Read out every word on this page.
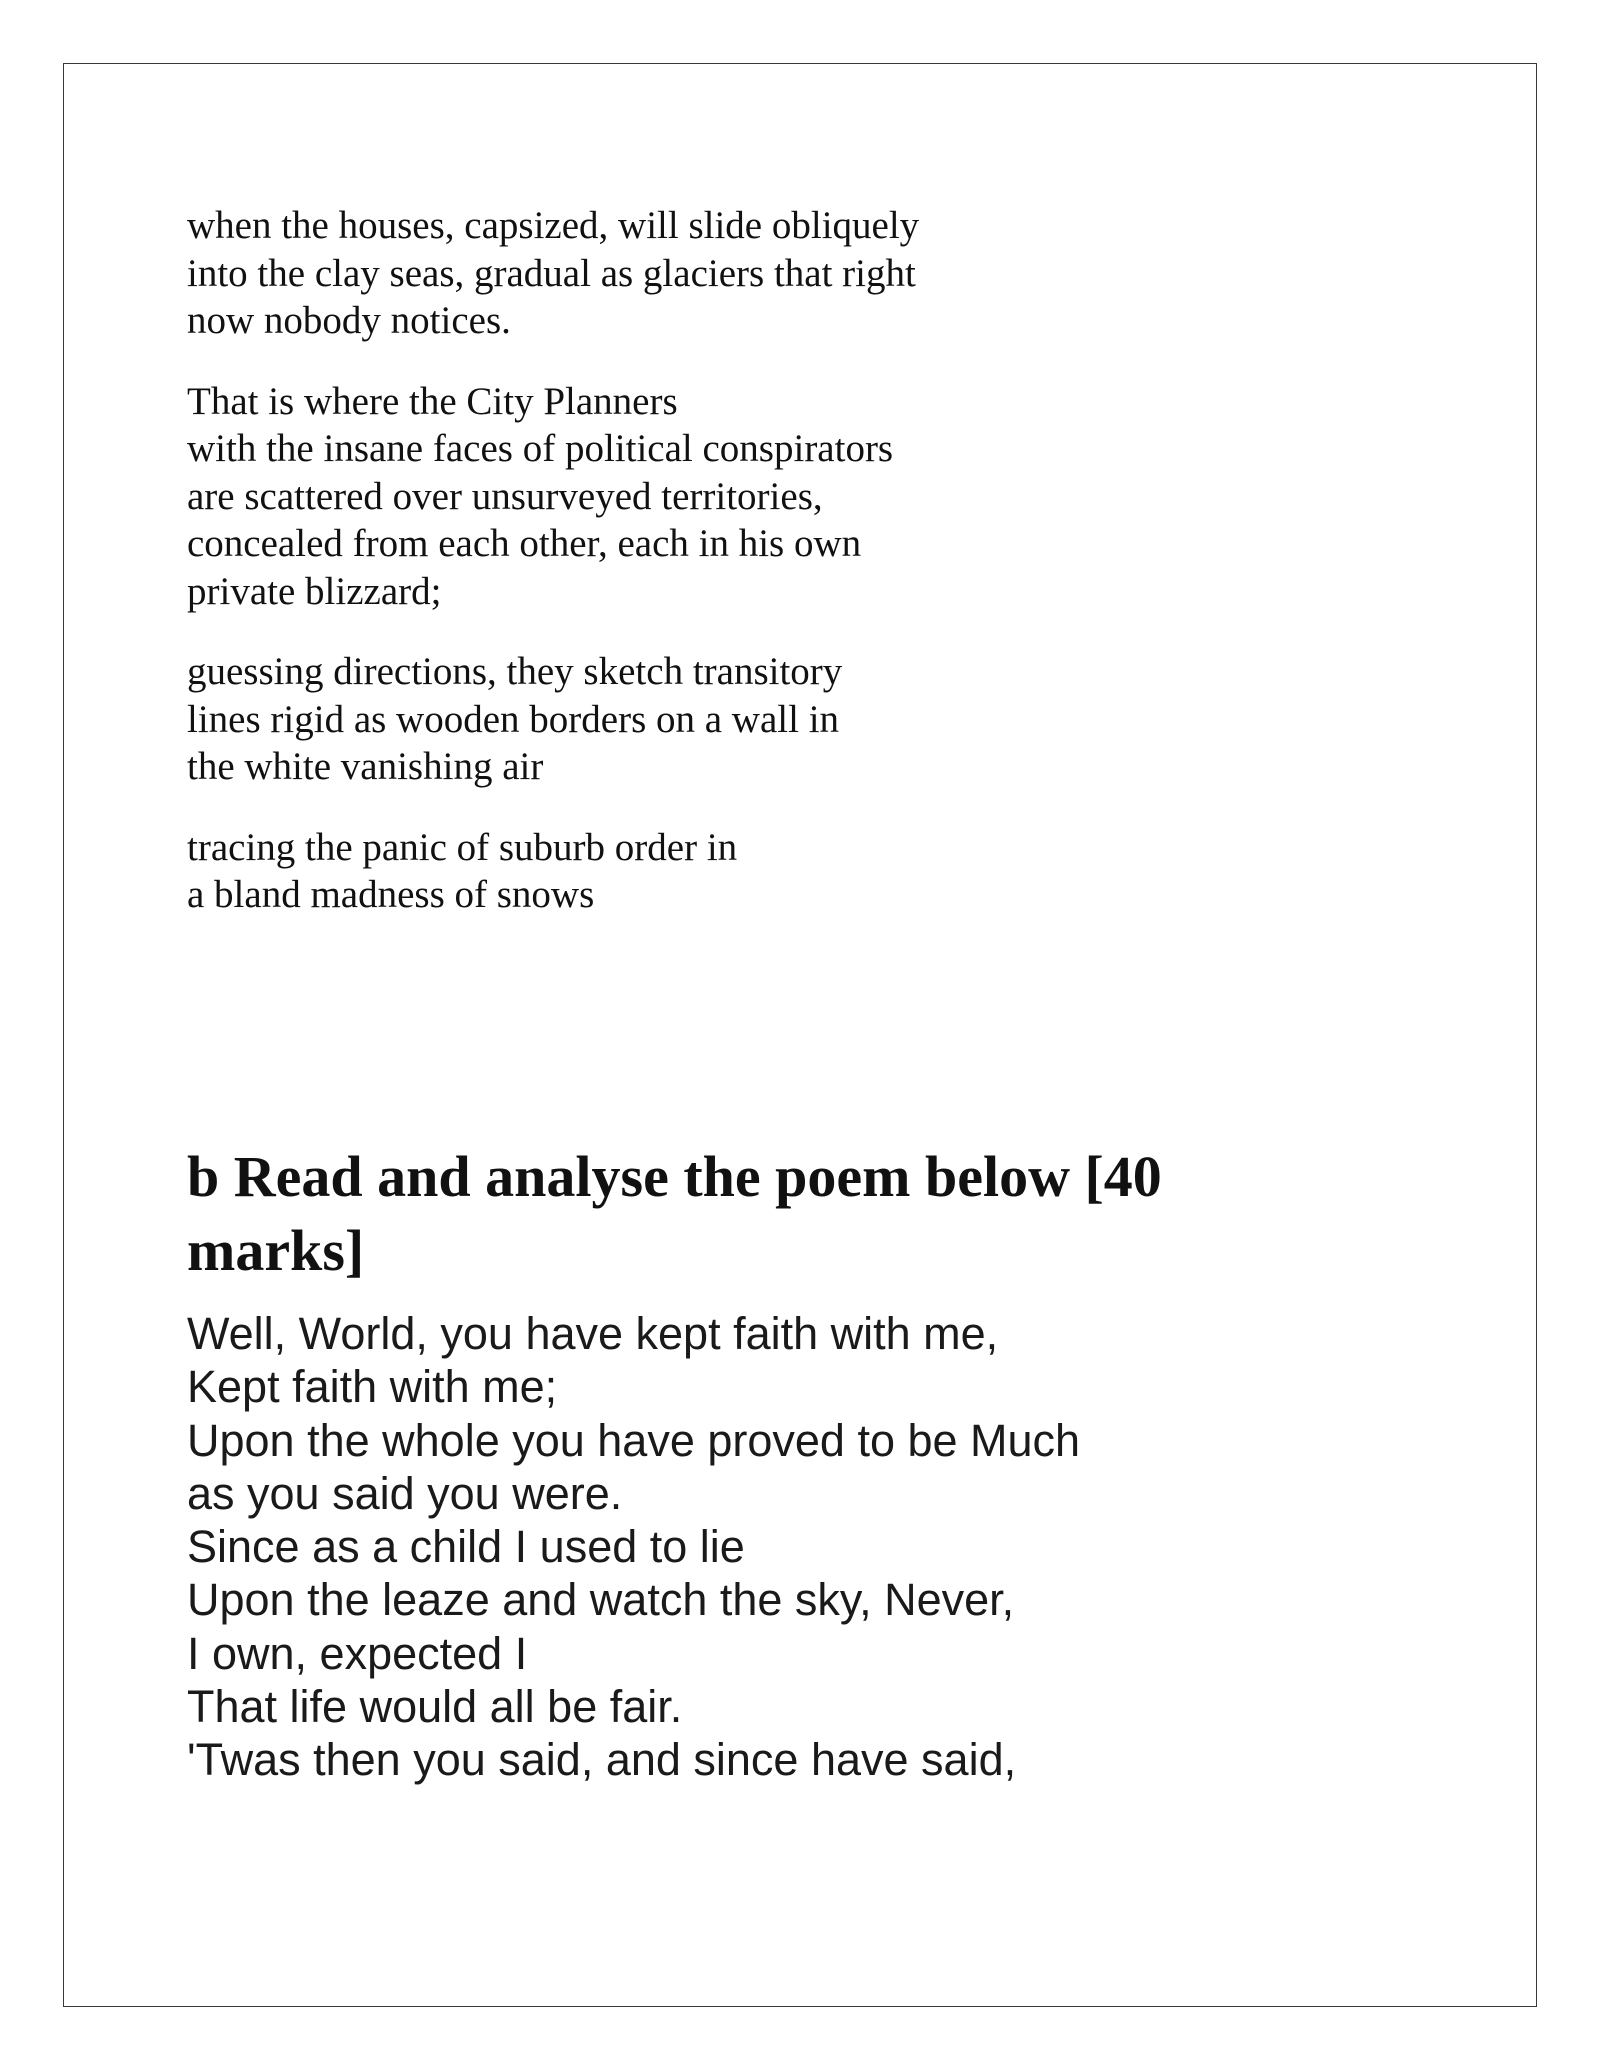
when the houses, capsized, will slide obliquely
into the clay seas, gradual as glaciers that right
now nobody notices.
That is where the City Planners
with the insane faces of political conspirators
are scattered over unsurveyed territories,
concealed from each other, each in his own
private blizzard;
guessing directions, they sketch transitory
lines rigid as wooden borders on a wall in
the white vanishing air
tracing the panic of suburb order in
a bland madness of snows
b Read and analyse the poem below [40
marks]
Well, World, you have kept faith with me,
Kept faith with me;
Upon the whole you have proved to be Much
as you said you were.
Since as a child I used to lie
Upon the leaze and watch the sky, Never,
I own, expected I
That life would all be fair.
'Twas then you said, and since have said,
